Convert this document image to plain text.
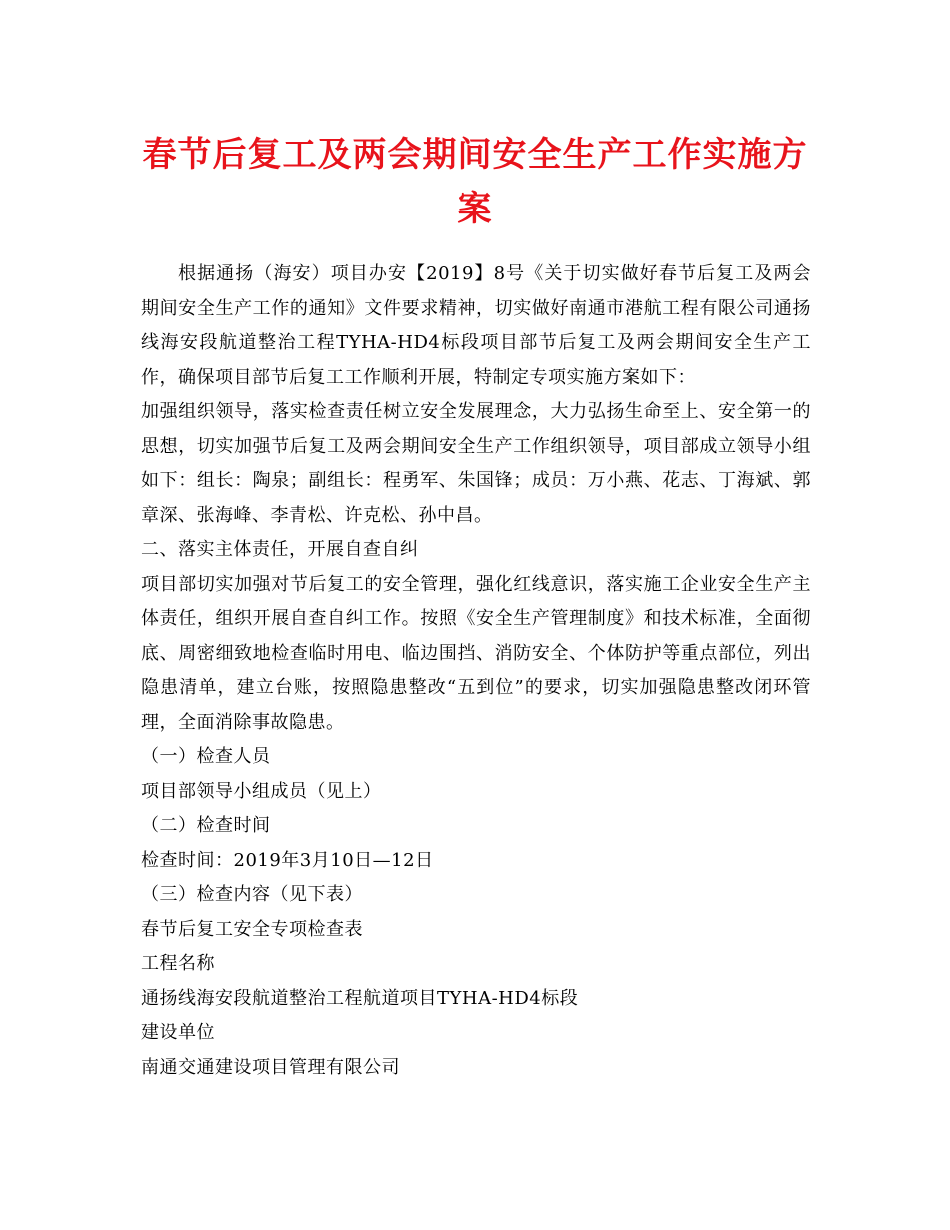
春节后复工及两会期间安全生产工作实施方案

根据通扬（海安）项目办安【2019】8号《关于切实做好春节后复工及两会期间安全生产工作的通知》文件要求精神，切实做好南通市港航工程有限公司通扬线海安段航道整治工程TYHA-HD4标段项目部节后复工及两会期间安全生产工作，确保项目部节后复工工作顺利开展，特制定专项实施方案如下：

加强组织领导，落实检查责任树立安全发展理念，大力弘扬生命至上、安全第一的思想，切实加强节后复工及两会期间安全生产工作组织领导，项目部成立领导小组如下：组长：陶泉；副组长：程勇军、朱国锋；成员：万小燕、花志、丁海斌、郭章深、张海峰、李青松、许克松、孙中昌。

二、落实主体责任，开展自查自纠

项目部切实加强对节后复工的安全管理，强化红线意识，落实施工企业安全生产主体责任，组织开展自查自纠工作。按照《安全生产管理制度》和技术标准，全面彻底、周密细致地检查临时用电、临边围挡、消防安全、个体防护等重点部位，列出隐患清单，建立台账，按照隐患整改“五到位”的要求，切实加强隐患整改闭环管理，全面消除事故隐患。

（一）检查人员

项目部领导小组成员（见上）

（二）检查时间

检查时间：2019年3月10日—12日

（三）检查内容（见下表）

春节后复工安全专项检查表

工程名称

通扬线海安段航道整治工程航道项目TYHA-HD4标段

建设单位

南通交通建设项目管理有限公司
